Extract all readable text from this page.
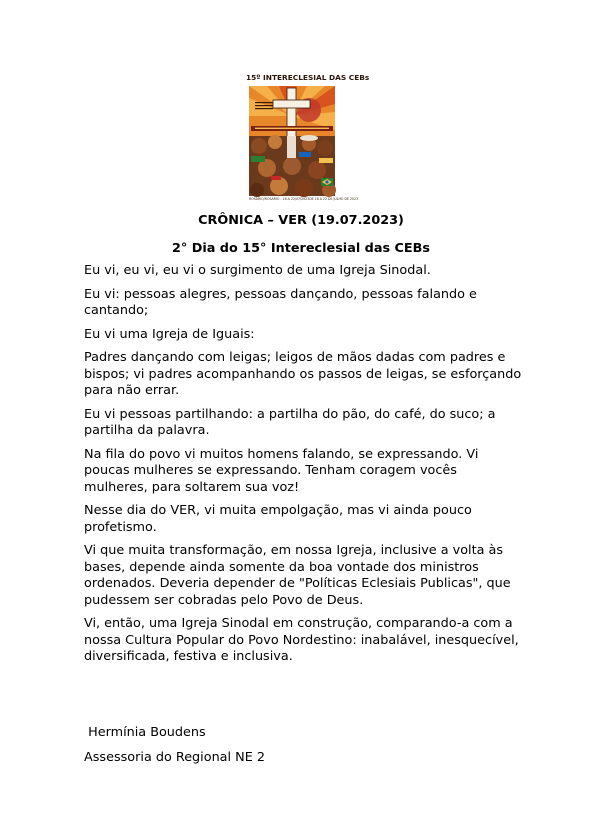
15º INTERECLESIAL DAS CEBs
ROSÁRIO/ROSARIO - 18 A 22/07/2023 DE 18 A 22 DE JULHO DE 2023
CRÔNICA – VER (19.07.2023)
2° Dia do 15° Intereclesial das CEBs

Eu vi, eu vi, eu vi o surgimento de uma Igreja Sinodal.

Eu vi: pessoas alegres, pessoas dançando, pessoas falando e cantando;

Eu vi uma Igreja de Iguais:

Padres dançando com leigas; leigos de mãos dadas com padres e bispos; vi padres acompanhando os passos de leigas, se esforçando para não errar.

Eu vi pessoas partilhando: a partilha do pão, do café, do suco; a partilha da palavra.

Na fila do povo vi muitos homens falando, se expressando. Vi poucas mulheres se expressando. Tenham coragem vocês mulheres, para soltarem sua voz!

Nesse dia do VER, vi muita empolgação, mas vi ainda pouco profetismo.

Vi que muita transformação, em nossa Igreja, inclusive a volta às bases, depende ainda somente da boa vontade dos ministros ordenados. Deveria depender de "Políticas Eclesiais Publicas", que pudessem ser cobradas pelo Povo de Deus.

Vi, então, uma Igreja Sinodal em construção, comparando-a com a nossa Cultura Popular do Povo Nordestino: inabalável, inesquecível, diversificada, festiva e inclusiva.

Hermínia Boudens
Assessoria do Regional NE 2
